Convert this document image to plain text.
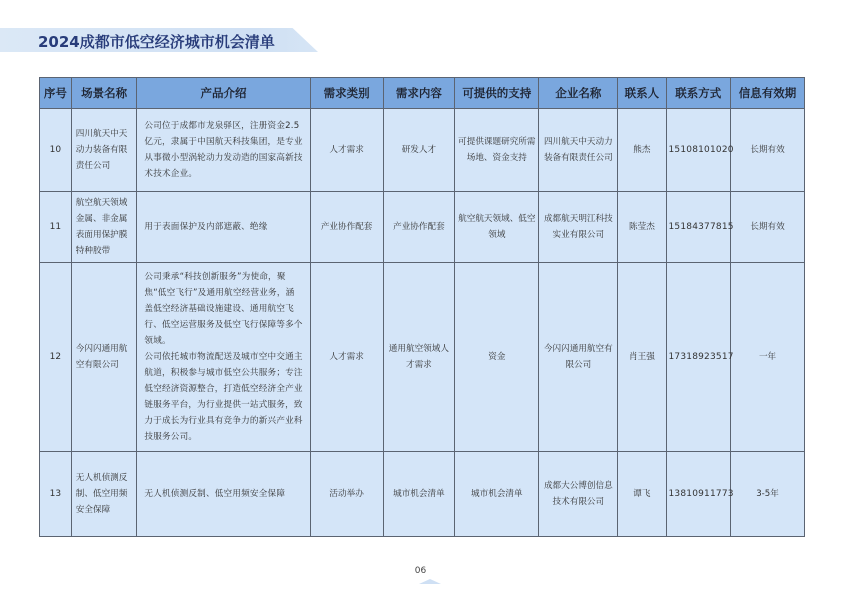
2024成都市低空经济城市机会清单
序号	场景名称	产品介绍	需求类别	需求内容	可提供的支持	企业名称	联系人	联系方式	信息有效期
10	四川航天中天动力装备有限责任公司	公司位于成都市龙泉驿区，注册资金2.5亿元，隶属于中国航天科技集团，是专业从事微小型涡轮动力发动造的国家高新技术技术企业。	人才需求	研发人才	可提供课题研究所需场地、资金支持	四川航天中天动力装备有限责任公司	熊杰	15108101020	长期有效
11	航空航天领域金属、非金属表面用保护膜特种胶带	用于表面保护及内部遮蔽、绝缘	产业协作配套	产业协作配套	航空航天领域、低空领域	成都航天明江科技实业有限公司	陈莹杰	15184377815	长期有效
12	今闪闪通用航空有限公司	公司秉承“科技创新服务”为使命，聚焦“低空飞行”及通用航空经营业务，涵盖低空经济基础设施建设、通用航空飞行、低空运营服务及低空飞行保障等多个领域。
公司依托城市物流配送及城市空中交通主航道，积极参与城市低空公共服务；专注低空经济资源整合，打造低空经济全产业链服务平台，为行业提供一站式服务，致力于成长为行业具有竞争力的新兴产业科技服务公司。	人才需求	通用航空领域人才需求	资金	今闪闪通用航空有限公司	肖王强	17318923517	一年
13	无人机侦测反制、低空用频安全保障	无人机侦测反制、低空用频安全保障	活动举办	城市机会清单	城市机会清单	成都大公博创信息技术有限公司	谭飞	13810911773	3-5年
06
